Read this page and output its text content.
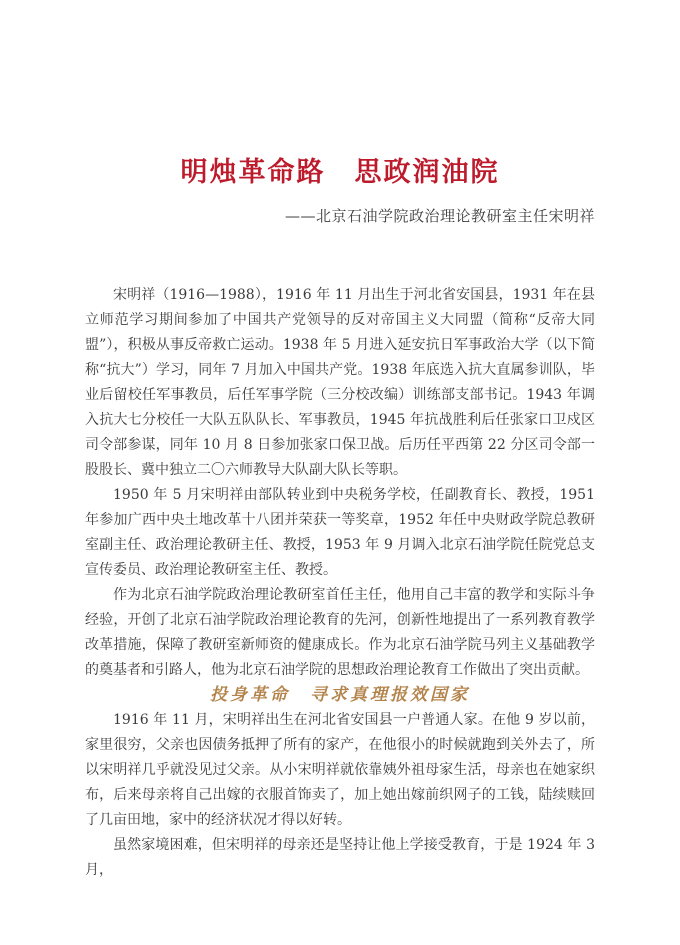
明烛革命路　思政润油院
——北京石油学院政治理论教研室主任宋明祥

宋明祥（1916—1988），1916 年 11 月出生于河北省安国县，1931 年在县立师范学习期间参加了中国共产党领导的反对帝国主义大同盟（简称“反帝大同盟”），积极从事反帝救亡运动。1938 年 5 月进入延安抗日军事政治大学（以下简称“抗大”）学习，同年 7 月加入中国共产党。1938 年底选入抗大直属参训队，毕业后留校任军事教员，后任军事学院（三分校改编）训练部支部书记。1943 年调入抗大七分校任一大队五队队长、军事教员，1945 年抗战胜利后任张家口卫戍区司令部参谋，同年 10 月 8 日参加张家口保卫战。后历任平西第 22 分区司令部一股股长、冀中独立二〇六师教导大队副大队长等职。

1950 年 5 月宋明祥由部队转业到中央税务学校，任副教育长、教授，1951 年参加广西中央土地改革十八团并荣获一等奖章，1952 年任中央财政学院总教研室副主任、政治理论教研主任、教授，1953 年 9 月调入北京石油学院任院党总支宣传委员、政治理论教研室主任、教授。

作为北京石油学院政治理论教研室首任主任，他用自己丰富的教学和实际斗争经验，开创了北京石油学院政治理论教育的先河，创新性地提出了一系列教育教学改革措施，保障了教研室新师资的健康成长。作为北京石油学院马列主义基础教学的奠基者和引路人，他为北京石油学院的思想政治理论教育工作做出了突出贡献。

投身革命　寻求真理报效国家

1916 年 11 月，宋明祥出生在河北省安国县一户普通人家。在他 9 岁以前，家里很穷，父亲也因债务抵押了所有的家产，在他很小的时候就跑到关外去了，所以宋明祥几乎就没见过父亲。从小宋明祥就依靠姨外祖母家生活，母亲也在她家织布，后来母亲将自己出嫁的衣服首饰卖了，加上她出嫁前织网子的工钱，陆续赎回了几亩田地，家中的经济状况才得以好转。

虽然家境困难，但宋明祥的母亲还是坚持让他上学接受教育，于是 1924 年 3 月，
